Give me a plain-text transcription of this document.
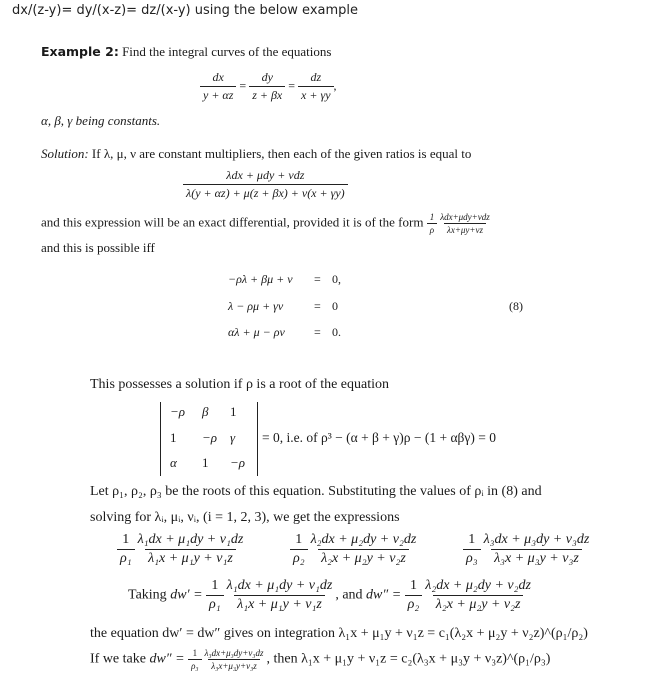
dx/(z-y)= dy/(x-z)= dz/(x-y) using the below example
Example 2: Find the integral curves of the equations
$\frac{dx}{y + \alpha z} = \frac{dy}{z + \beta x} = \frac{dz}{x + \gamma y}$ ,
α, β, γ being constants.
Solution: If λ, μ, ν are constant multipliers, then each of the given ratios is equal to
$\frac{\text{λdx + μdy + νdz}}{\lambda(y + \alpha z) + \mu(z + \beta x) + \nu(x + \gamma y)}$
and this expression will be an exact differential, provided it is of the form $\frac{1}{\rho} \frac{\text{λdx+μdy+νdz}}{\lambda x+\mu y+\nu z}$
and this is possible iff
−ρλ + βμ + ν = 0,
λ − ρμ + γν	= 0
αλ + μ − ρν = 0.
(8)
This possesses a solution if ρ is a root of the equation
−ρ β 1
1 −ρ γ
α 1 −ρ
= 0, i.e. of ρ³ − (α + β + γ)ρ − (1 + αβγ) = 0
Let ρ₁, ρ₂, ρ₃ be the roots of this equation. Substituting the values of ρᵢ in (8) and
solving for λᵢ, μᵢ, νᵢ, (i = 1, 2, 3), we get the expressions
$\frac{1}{\text{ρ₁}} \frac{\text{λ₁dx + μ₁dy + ν₁dz}}{\text{λ₁x + μ₁y + ν₁z}}$	$\frac{1}{\text{ρ₂}} \frac{\text{λ₂dx + μ₂dy + ν₂dz}}{\text{λ₂x + μ₂y + ν₂z}}$	$\frac{1}{\text{ρ₃}} \frac{\text{λ₃dx + μ₃dy + ν₃dz}}{\text{λ₃x + μ₃y + ν₃z}}$
Taking $dw' = \frac{1}{\text{ρ₁}} \frac{\text{λ₁dx + μ₁dy + ν₁dz}}{\text{λ₁x + μ₁y + ν₁z}}$ , and $dw'' = \frac{1}{\text{ρ₂}} \frac{\text{λ₂dx + μ₂dy + ν₂dz}}{\text{λ₂x + μ₂y + ν₂z}}$
the equation dw′ = dw″ gives on integration λ₁x + μ₁y + ν₁z = c₁(λ₂x + μ₂y + ν₂z)^(ρ₁/ρ₂)
If we take $dw'' = \frac{1}{\text{ρ₃}} \frac{\text{λ₃dx+μ₃dy+ν₃dz}}{\text{λ₃x+μ₃y+ν₃z}}$ , then λ₁x + μ₁y + ν₁z = c₂(λ₃x + μ₃y + ν₃z)^(ρ₁/ρ₃)
